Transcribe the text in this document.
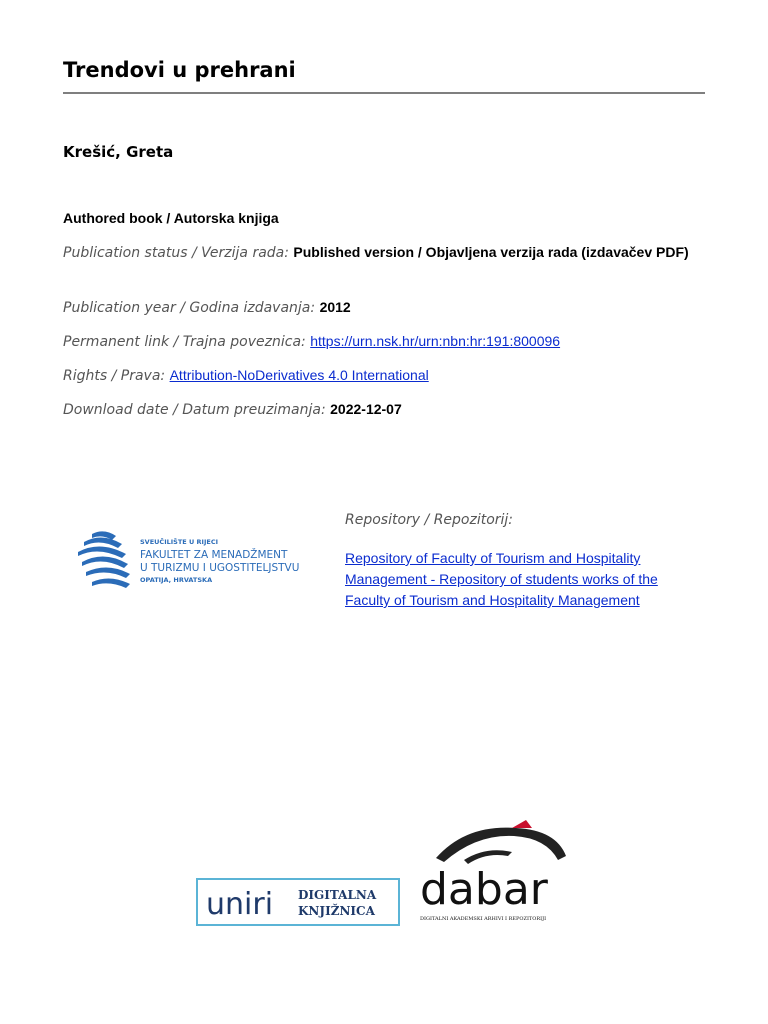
Trendovi u prehrani
Krešić, Greta
Authored book / Autorska knjiga
Publication status / Verzija rada: Published version / Objavljena verzija rada (izdavačev PDF)
Publication year / Godina izdavanja: 2012
Permanent link / Trajna poveznica: https://urn.nsk.hr/urn:nbn:hr:191:800096
Rights / Prava: Attribution-NoDerivatives 4.0 International
Download date / Datum preuzimanja: 2022-12-07
SVEUČILIŠTE U RIJECI
FAKULTET ZA MENADŽMENT
U TURIZMU I UGOSTITELJSTVU
OPATIJA, HRVATSKA
Repository / Repozitorij:
Repository of Faculty of Tourism and Hospitality Management - Repository of students works of the Faculty of Tourism and Hospitality Management
uniri DIGITALNA
KNJIŽNICA dabar
DIGITALNI AKADEMSKI ARHIVI I REPOZITORIJI
